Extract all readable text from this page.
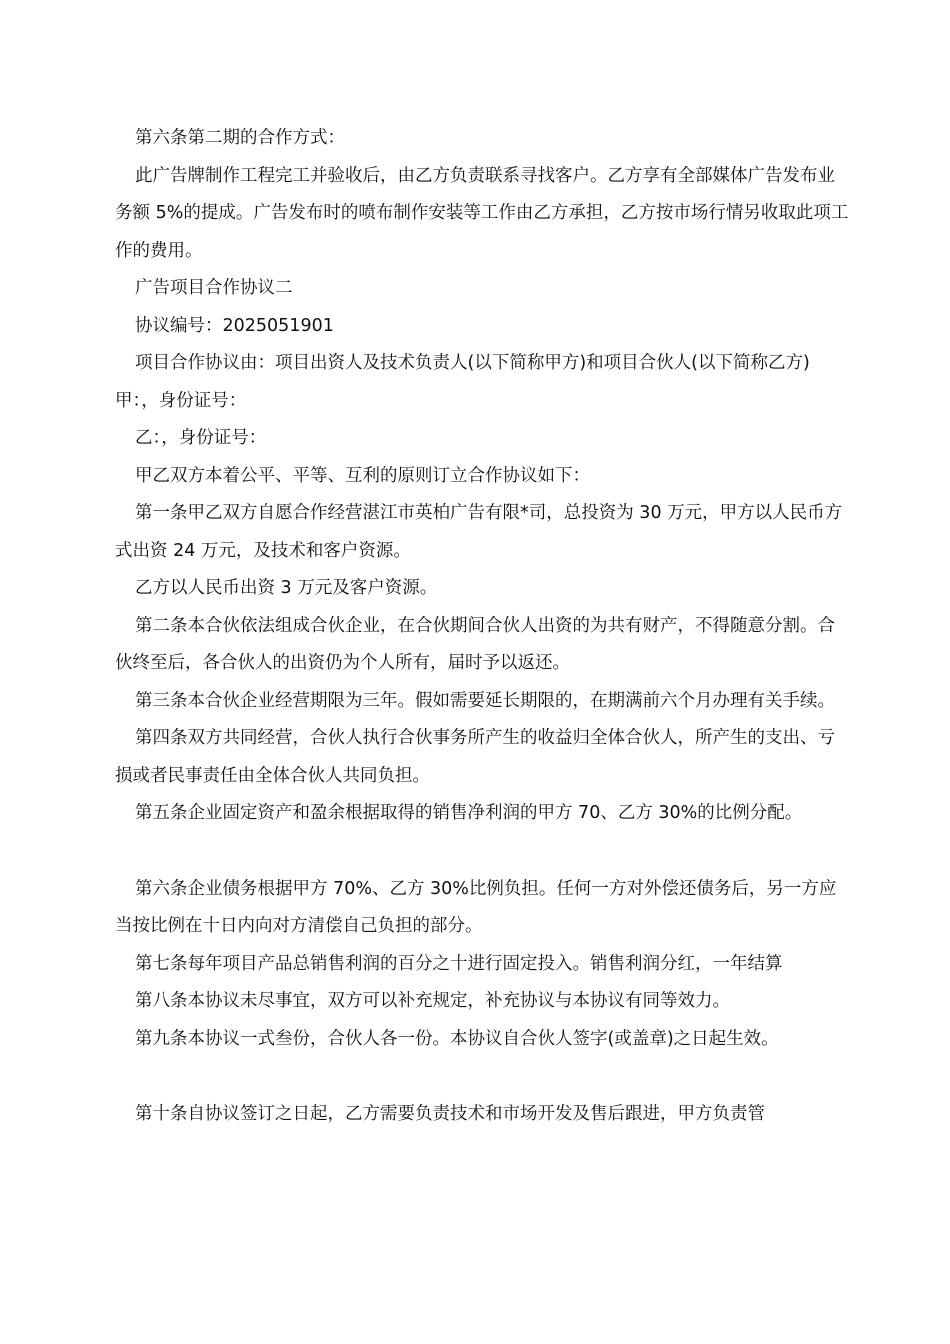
第六条第二期的合作方式：

此广告牌制作工程完工并验收后，由乙方负责联系寻找客户。乙方享有全部媒体广告发布业务额 5%的提成。广告发布时的喷布制作安装等工作由乙方承担，乙方按市场行情另收取此项工作的费用。

广告项目合作协议二

协议编号：2025051901

项目合作协议由：项目出资人及技术负责人(以下简称甲方)和项目合伙人(以下简称乙方)甲：，身份证号：

乙：，身份证号：

甲乙双方本着公平、平等、互利的原则订立合作协议如下：

第一条甲乙双方自愿合作经营湛江市英柏广告有限*司，总投资为 30 万元，甲方以人民币方式出资 24 万元，及技术和客户资源。

乙方以人民币出资 3 万元及客户资源。

第二条本合伙依法组成合伙企业，在合伙期间合伙人出资的为共有财产，不得随意分割。合伙终至后，各合伙人的出资仍为个人所有，届时予以返还。

第三条本合伙企业经营期限为三年。假如需要延长期限的，在期满前六个月办理有关手续。

第四条双方共同经营，合伙人执行合伙事务所产生的收益归全体合伙人，所产生的支出、亏损或者民事责任由全体合伙人共同负担。

第五条企业固定资产和盈余根据取得的销售净利润的甲方 70、乙方 30%的比例分配。

第六条企业债务根据甲方 70%、乙方 30%比例负担。任何一方对外偿还债务后，另一方应当按比例在十日内向对方清偿自己负担的部分。

第七条每年项目产品总销售利润的百分之十进行固定投入。销售利润分红，一年结算

第八条本协议未尽事宜，双方可以补充规定，补充协议与本协议有同等效力。

第九条本协议一式叁份，合伙人各一份。本协议自合伙人签字(或盖章)之日起生效。

第十条自协议签订之日起，乙方需要负责技术和市场开发及售后跟进，甲方负责管
